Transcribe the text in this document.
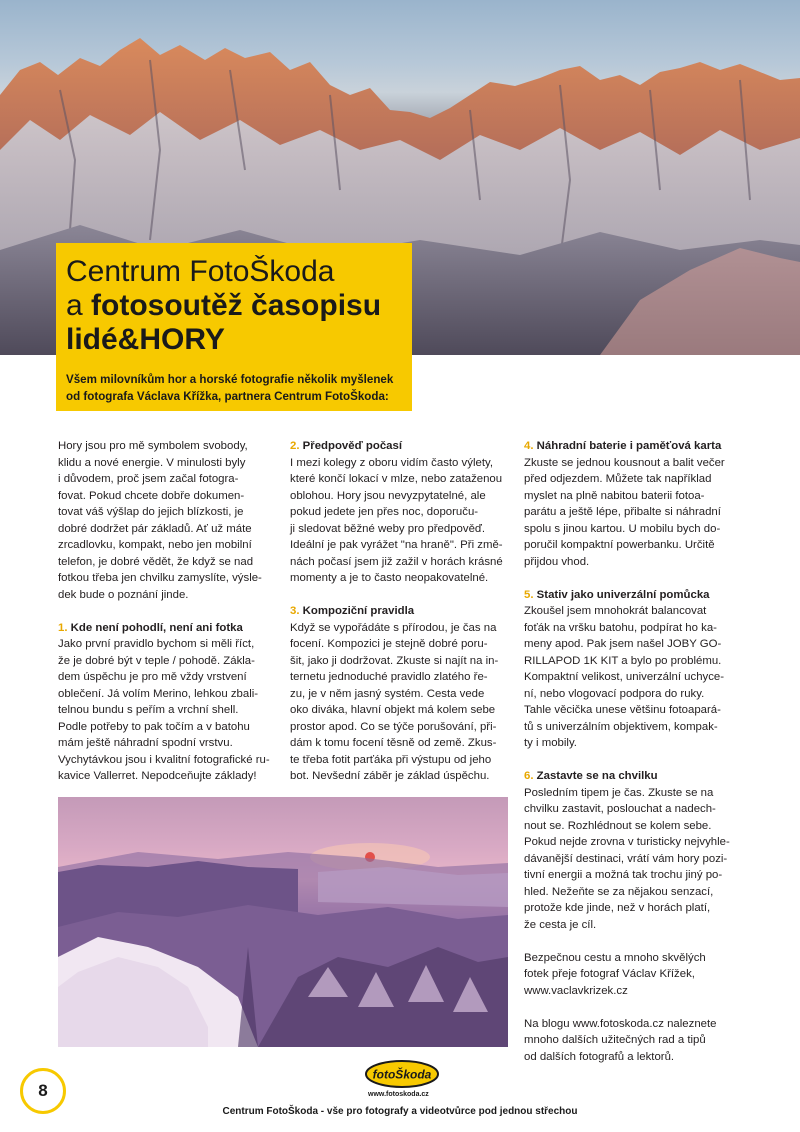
Centrum FotoŠkoda
a fotosoutěž časopisu
lidé&HORY
Všem milovníkům hor a horské fotografie několik myšlenek
od fotografa Václava Křížka, partnera Centrum FotoŠkoda:
Hory jsou pro mě symbolem svobody,
klidu a nové energie. V minulosti byly
i důvodem, proč jsem začal fotogra-
fovat. Pokud chcete dobře dokumen-
tovat váš výšlap do jejich blízkosti, je
dobré dodržet pár základů. Ať už máte
zrcadlovku, kompakt, nebo jen mobilní
telefon, je dobré vědět, že když se nad
fotkou třeba jen chvilku zamyslíte, výsle-
dek bude o poznání jinde.
1. Kde není pohodlí, není ani fotka
Jako první pravidlo bychom si měli říct,
že je dobré být v teple / pohodě. Zákla-
dem úspěchu je pro mě vždy vrstvení
oblečení. Já volím Merino, lehkou zbali-
telnou bundu s peřím a vrchní shell.
Podle potřeby to pak točím a v batohu
mám ještě náhradní spodní vrstvu.
Vychytávkou jsou i kvalitní fotografické ru-
kavice Vallerret. Nepodceňujte základy!
2. Předpověď počasí
I mezi kolegy z oboru vidím často výlety,
které končí lokací v mlze, nebo zataženou
oblohou. Hory jsou nevyzpytatelné, ale
pokud jedete jen přes noc, doporuču-
ji sledovat běžné weby pro předpověď.
Ideální je pak vyrážet "na hraně". Při změ-
nách počasí jsem již zažil v horách krásné
momenty a je to často neopakovatelné.
3. Kompoziční pravidla
Když se vypořádáte s přírodou, je čas na
focení. Kompozici je stejně dobré poru-
šit, jako ji dodržovat. Zkuste si najít na in-
ternetu jednoduché pravidlo zlatého ře-
zu, je v něm jasný systém. Cesta vede
oko diváka, hlavní objekt má kolem sebe
prostor apod. Co se týče porušování, při-
dám k tomu focení těsně od země. Zkus-
te třeba fotit parťáka při výstupu od jeho
bot. Nevšední záběr je základ úspěchu.
4. Náhradní baterie i paměťová karta
Zkuste se jednou kousnout a balit večer
před odjezdem. Můžete tak například
myslet na plně nabitou baterii fotoa-
parátu a ještě lépe, přibalte si náhradní
spolu s jinou kartou. U mobilu bych do-
poručil kompaktní powerbanku. Určitě
přijdou vhod.
5. Stativ jako univerzální pomůcka
Zkoušel jsem mnohokrát balancovat
foťák na vršku batohu, podpírat ho ka-
meny apod. Pak jsem našel JOBY GO-
RILLAPOD 1K KIT a bylo po problému.
Kompaktní velikost, univerzální uchyce-
ní, nebo vlogovací podpora do ruky.
Tahle věcička unese většinu fotoapará-
tů s univerzálním objektivem, kompak-
ty i mobily.
6. Zastavte se na chvilku
Posledním tipem je čas. Zkuste se na
chvilku zastavit, poslouchat a nadech-
nout se. Rozhlédnout se kolem sebe.
Pokud nejde zrovna v turisticky nejvyhle-
dávanější destinaci, vrátí vám hory pozi-
tivní energii a možná tak trochu jiný po-
hled. Nežeňte se za nějakou senzací,
protože kde jinde, než v horách platí,
že cesta je cíl.
Bezpečnou cestu a mnoho skvělých
fotek přeje fotograf Václav Křížek,
www.vaclavkrizek.cz
Na blogu www.fotoskoda.cz naleznete
mnoho dalších užitečných rad a tipů
od dalších fotografů a lektorů.
8
fotoŠkoda
www.fotoskoda.cz
Centrum FotoŠkoda - vše pro fotografy a videotvůrce pod jednou střechou
